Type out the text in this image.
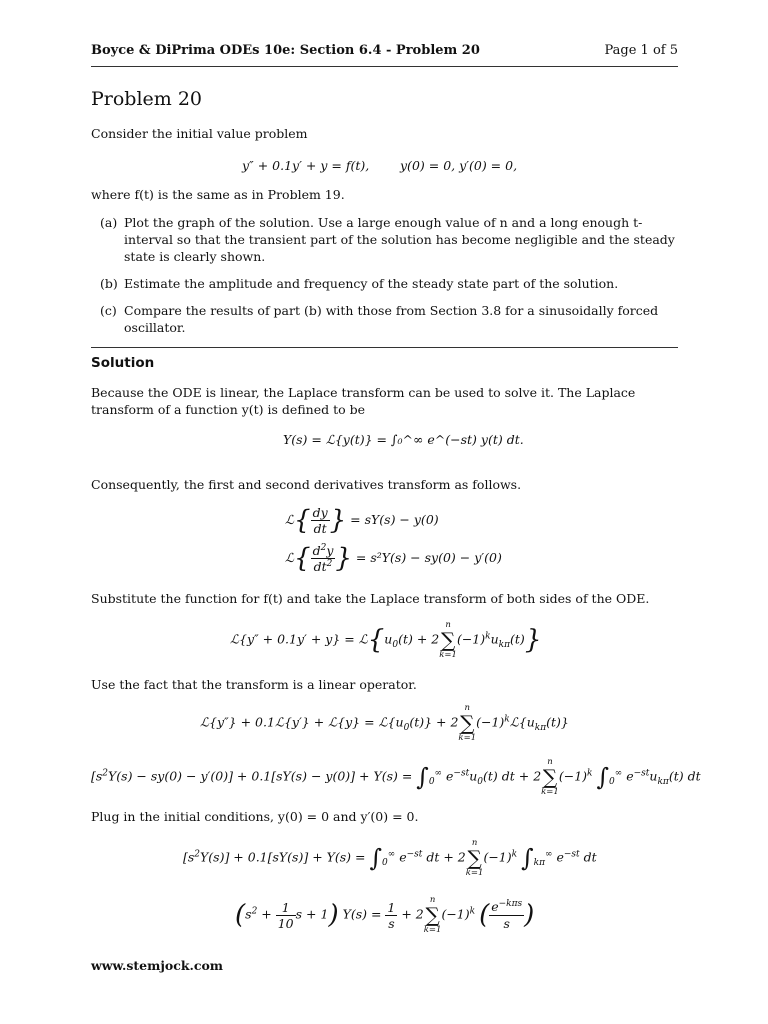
Boyce & DiPrima ODEs 10e: Section 6.4 - Problem 20	Page 1 of 5
Problem 20
Consider the initial value problem
y″ + 0.1y′ + y = f(t), y(0) = 0, y′(0) = 0,
where f(t) is the same as in Problem 19.
(a) Plot the graph of the solution. Use a large enough value of n and a long enough t-interval so that the transient part of the solution has become negligible and the steady state is clearly shown.
(b) Estimate the amplitude and frequency of the steady state part of the solution.
(c) Compare the results of part (b) with those from Section 3.8 for a sinusoidally forced oscillator.
Solution
Because the ODE is linear, the Laplace transform can be used to solve it. The Laplace transform of a function y(t) is defined to be
Y(s) = ℒ{y(t)} = ∫₀^∞ e^(−st) y(t) dt.
Consequently, the first and second derivatives transform as follows.
ℒ{ $\frac{dy}{dt}$ } = sY(s) − y(0)
ℒ{ $\frac{d^2y}{dt^2}$ } = s²Y(s) − sy(0) − y′(0)
Substitute the function for f(t) and take the Laplace transform of both sides of the ODE.
ℒ{y″ + $0.1y' + y\} = ℒ\{u_0(t) + 2$
n
∑
k=1
$(-1)^ku_{k\pi}(t)$}
Use the fact that the transform is a linear operator.
ℒ{y″} + 0.1ℒ{y′} + ℒ{y} = $ℒ\{u_0(t)\} + 2$
n
∑
k=1
$(-1)^kℒ\{u_{k\pi}(t)\}$
$[s^2Y(s) - sy(0) - y'(0)] + 0.1[sY(s) - y(0)] + Y(s) = \int_0^\infty$ $e^{-st}u_0(t)$ dt + 2
n
∑
k=1
$(-1)^k$ $\int_0^\infty$ $e^{-st}u_{k\pi}(t)$ dt
Plug in the initial conditions, y(0) = 0 and y′(0) = 0.
$[s^2Y(s)] + 0.1[sY(s)] + Y(s) = \int_0^\infty$ $e^{-st}$ dt + 2
n
∑
k=1
$(-1)^k$ $\int_{k\pi}^\infty$ $e^{-st}$ dt
($s^2 + \frac{1}{10}$ s + 1) $Y(s) = \frac{1}{s} + 2$
n
∑
k=1
$(-1)^k$ ( $\frac{e^{-k\pi s}}{s}$ )
www.stemjock.com
